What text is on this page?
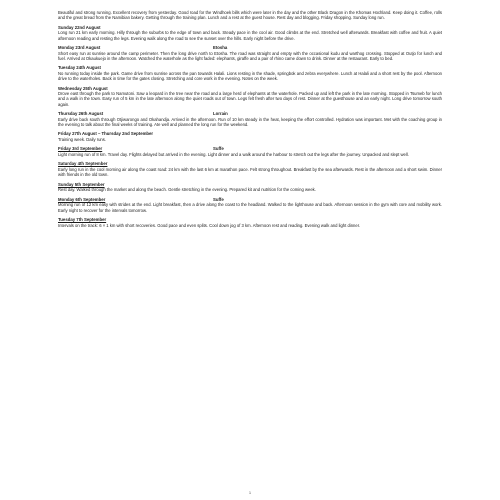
Beautiful and strong running. Excellent recovery from yesterday. Good road for the Windhoek bills which were later in the day and the other Black Dragon in the Khomas Hochland. Keep doing it. Coffee, rolls and the great bread from the Namibian bakery. Getting through the training plan. Lunch and a rest at the guest house. Rest day and blogging. Friday shopping. Sunday long run.

Sunday 22nd August

Long run 21 km early morning. Hilly through the suburbs to the edge of town and back. Steady pace in the cool air. Good climbs at the end. Stretched well afterwards. Breakfast with coffee and fruit. A quiet afternoon reading and resting the legs. Evening walk along the road to see the sunset over the hills. Early night before the drive.

Monday 23rd August	Etosha

Short easy run at sunrise around the camp perimeter. Then the long drive north to Etosha. The road was straight and empty with the occasional kudu and warthog crossing. Stopped at Outjo for lunch and fuel. Arrived at Okaukuejo in the afternoon. Watched the waterhole as the light faded: elephants, giraffe and a pair of rhino came down to drink. Dinner at the restaurant. Early to bed.

Tuesday 24th August

No running today inside the park. Game drive from sunrise across the pan towards Halali. Lions resting in the shade, springbok and zebra everywhere. Lunch at Halali and a short rest by the pool. Afternoon drive to the waterholes. Back in time for the gates closing. Stretching and core work in the evening. Notes on the week.

Wednesday 25th August

Drove east through the park to Namutoni. Saw a leopard in the tree near the road and a large herd of elephants at the waterhole. Packed up and left the park in the late morning. Stopped in Tsumeb for lunch and a walk in the town. Easy run of 5 km in the late afternoon along the quiet roads out of town. Legs felt fresh after two days of rest. Dinner at the guesthouse and an early night. Long drive tomorrow south again.

Thursday 26th August	Lorrain

Early drive back south through Otjiwarongo and Okahandja. Arrived in the afternoon. Run of 10 km steady in the heat, keeping the effort controlled. Hydration was important. Met with the coaching group in the evening to talk about the final weeks of training. Ate well and planned the long run for the weekend.

Friday 27th August – Thursday 2nd September

Training week. Daily runs.

Friday 3rd September	Suffe

Light morning run of 8 km. Travel day. Flights delayed but arrived in the evening. Light dinner and a walk around the harbour to stretch out the legs after the journey. Unpacked and slept well.

Saturday 4th September

Early long run in the cool morning air along the coast road: 24 km with the last 6 km at marathon pace. Felt strong throughout. Breakfast by the sea afterwards. Rest in the afternoon and a short swim. Dinner with friends in the old town.

Sunday 5th September

Rest day. Walked through the market and along the beach. Gentle stretching in the evening. Prepared kit and nutrition for the coming week.

Monday 6th September	Suffe

Morning run of 12 km easy with strides at the end. Light breakfast, then a drive along the coast to the headland. Walked to the lighthouse and back. Afternoon session in the gym with core and mobility work. Early night to recover for the intervals tomorrow.

Tuesday 7th September

Intervals on the track: 6 × 1 km with short recoveries. Good pace and even splits. Cool down jog of 3 km. Afternoon rest and reading. Evening walk and light dinner.

1
